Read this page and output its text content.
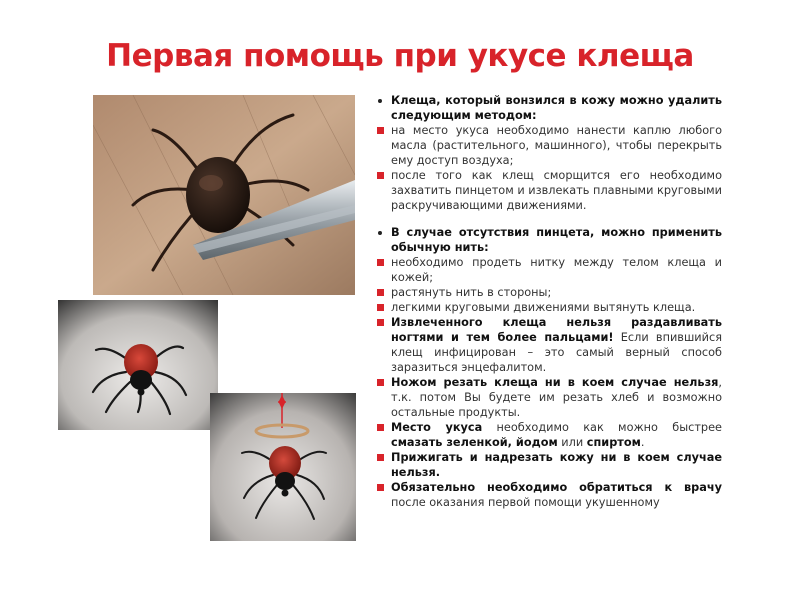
Первая помощь при укусе клеща
Клеща, который вонзился в кожу можно удалить следующим методом:
на место укуса необходимо нанести каплю любого масла (растительного, машинного), чтобы перекрыть ему доступ воздуха;
после того как клещ сморщится его необходимо захватить пинцетом и извлекать плавными круговыми раскручивающими движениями.
В случае отсутствия пинцета, можно применить обычную нить:
необходимо продеть нитку между телом клеща и кожей;
растянуть нить в стороны;
легкими круговыми движениями вытянуть клеща.
Извлеченного клеща нельзя раздавливать ногтями и тем более пальцами! Если впившийся клещ инфицирован – это самый верный способ заразиться энцефалитом.
Ножом резать клеща ни в коем случае нельзя, т.к. потом Вы будете им резать хлеб и возможно остальные продукты.
Место укуса необходимо как можно быстрее смазать зеленкой, йодом или спиртом.
Прижигать и надрезать кожу ни в коем случае нельзя.
Обязательно необходимо обратиться к врачу после оказания первой помощи укушенному
